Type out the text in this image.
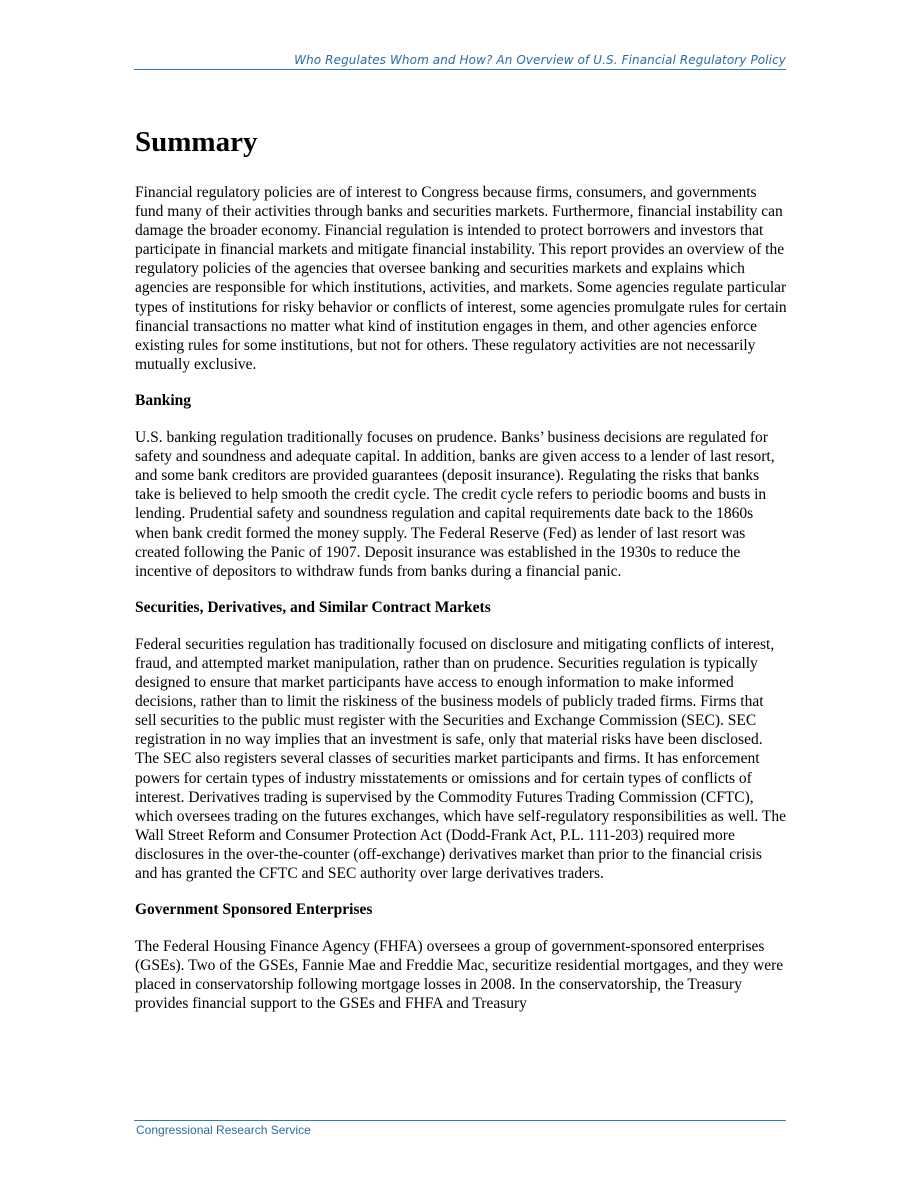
Who Regulates Whom and How? An Overview of U.S. Financial Regulatory Policy
Summary

Financial regulatory policies are of interest to Congress because firms, consumers, and governments fund many of their activities through banks and securities markets. Furthermore, financial instability can damage the broader economy. Financial regulation is intended to protect borrowers and investors that participate in financial markets and mitigate financial instability. This report provides an overview of the regulatory policies of the agencies that oversee banking and securities markets and explains which agencies are responsible for which institutions, activities, and markets. Some agencies regulate particular types of institutions for risky behavior or conflicts of interest, some agencies promulgate rules for certain financial transactions no matter what kind of institution engages in them, and other agencies enforce existing rules for some institutions, but not for others. These regulatory activities are not necessarily mutually exclusive.

Banking

U.S. banking regulation traditionally focuses on prudence. Banks’ business decisions are regulated for safety and soundness and adequate capital. In addition, banks are given access to a lender of last resort, and some bank creditors are provided guarantees (deposit insurance). Regulating the risks that banks take is believed to help smooth the credit cycle. The credit cycle refers to periodic booms and busts in lending. Prudential safety and soundness regulation and capital requirements date back to the 1860s when bank credit formed the money supply. The Federal Reserve (Fed) as lender of last resort was created following the Panic of 1907. Deposit insurance was established in the 1930s to reduce the incentive of depositors to withdraw funds from banks during a financial panic.

Securities, Derivatives, and Similar Contract Markets

Federal securities regulation has traditionally focused on disclosure and mitigating conflicts of interest, fraud, and attempted market manipulation, rather than on prudence. Securities regulation is typically designed to ensure that market participants have access to enough information to make informed decisions, rather than to limit the riskiness of the business models of publicly traded firms. Firms that sell securities to the public must register with the Securities and Exchange Commission (SEC). SEC registration in no way implies that an investment is safe, only that material risks have been disclosed. The SEC also registers several classes of securities market participants and firms. It has enforcement powers for certain types of industry misstatements or omissions and for certain types of conflicts of interest. Derivatives trading is supervised by the Commodity Futures Trading Commission (CFTC), which oversees trading on the futures exchanges, which have self-regulatory responsibilities as well. The Wall Street Reform and Consumer Protection Act (Dodd-Frank Act, P.L. 111-203) required more disclosures in the over-the-counter (off-exchange) derivatives market than prior to the financial crisis and has granted the CFTC and SEC authority over large derivatives traders.

Government Sponsored Enterprises

The Federal Housing Finance Agency (FHFA) oversees a group of government-sponsored enterprises (GSEs). Two of the GSEs, Fannie Mae and Freddie Mac, securitize residential mortgages, and they were placed in conservatorship following mortgage losses in 2008. In the conservatorship, the Treasury provides financial support to the GSEs and FHFA and Treasury

Congressional Research Service
